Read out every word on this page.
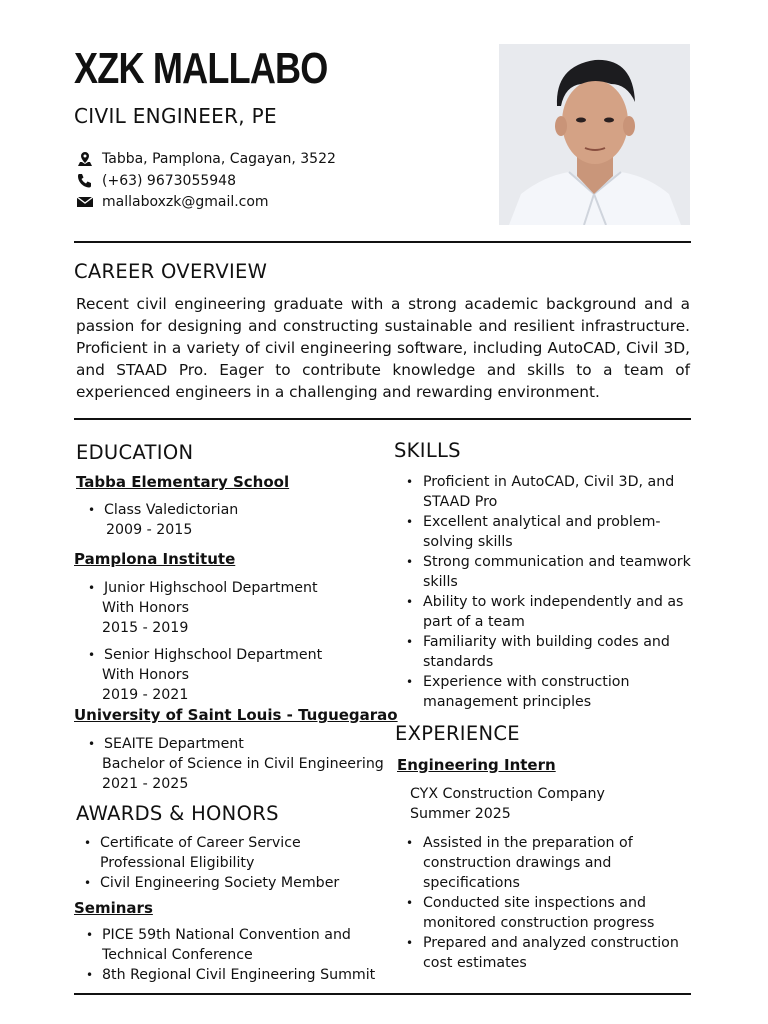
XZK MALLABO
CIVIL ENGINEER, PE
Tabba, Pamplona, Cagayan, 3522
(+63) 9673055948
mallaboxzk@gmail.com
CAREER OVERVIEW
Recent civil engineering graduate with a strong academic background and a passion for designing and constructing sustainable and resilient infrastructure. Proficient in a variety of civil engineering software, including AutoCAD, Civil 3D, and STAAD Pro. Eager to contribute knowledge and skills to a team of experienced engineers in a challenging and rewarding environment.
EDUCATION
Tabba Elementary School
• Class Valedictorian
2009 - 2015
Pamplona Institute
• Junior Highschool Department
With Honors
2015 - 2019
• Senior Highschool Department
With Honors
2019 - 2021
University of Saint Louis - Tuguegarao
• SEAITE Department
Bachelor of Science in Civil Engineering
2021 - 2025
AWARDS & HONORS
• Certificate of Career Service
Professional Eligibility
• Civil Engineering Society Member
Seminars
• PICE 59th National Convention and
Technical Conference
• 8th Regional Civil Engineering Summit
SKILLS
• Proficient in AutoCAD, Civil 3D, and
STAAD Pro
• Excellent analytical and problem-
solving skills
• Strong communication and teamwork
skills
• Ability to work independently and as
part of a team
• Familiarity with building codes and
standards
• Experience with construction
management principles
EXPERIENCE
Engineering Intern
CYX Construction Company
Summer 2025
• Assisted in the preparation of
construction drawings and
specifications
• Conducted site inspections and
monitored construction progress
• Prepared and analyzed construction
cost estimates
